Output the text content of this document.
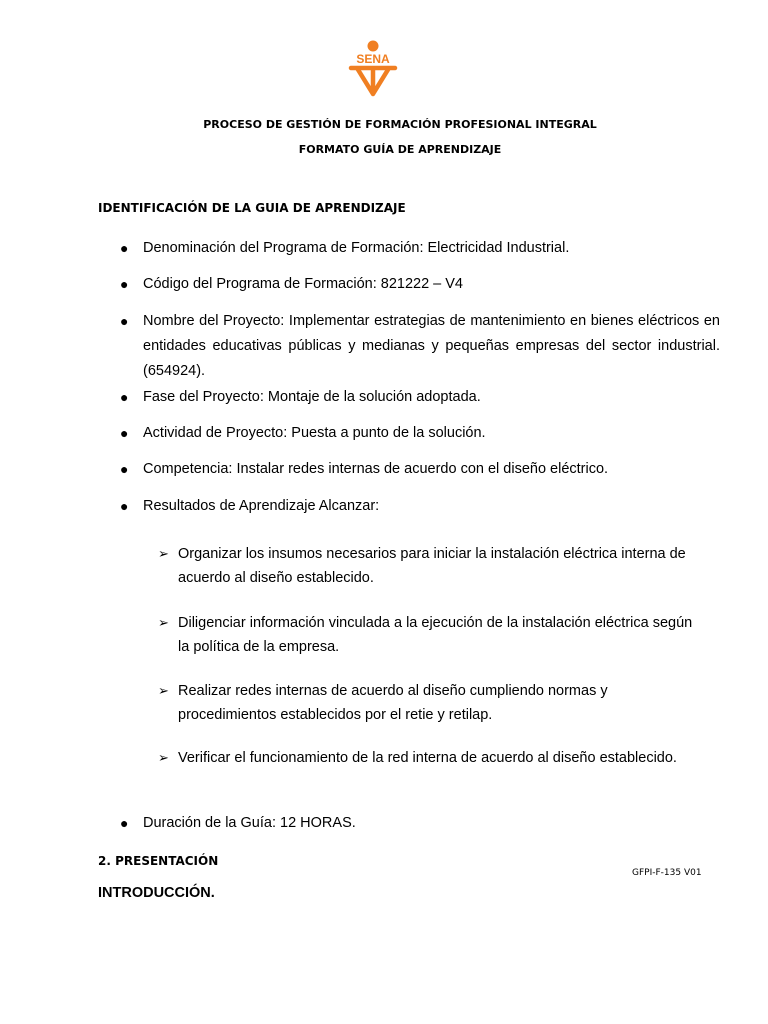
SENA
PROCESO DE GESTIÓN DE FORMACIÓN PROFESIONAL INTEGRAL
FORMATO GUÍA DE APRENDIZAJE
IDENTIFICACIÓN DE LA GUIA DE APRENDIZAJE
● Denominación del Programa de Formación: Electricidad Industrial.
● Código del Programa de Formación: 821222 – V4
● Nombre del Proyecto: Implementar estrategias de mantenimiento en bienes eléctricos en entidades educativas públicas y medianas y pequeñas empresas del sector industrial. (654924).
● Fase del Proyecto: Montaje de la solución adoptada.
● Actividad de Proyecto: Puesta a punto de la solución.
● Competencia: Instalar redes internas de acuerdo con el diseño eléctrico.
● Resultados de Aprendizaje Alcanzar:
➢ Organizar los insumos necesarios para iniciar la instalación eléctrica interna de acuerdo al diseño establecido.
➢ Diligenciar información vinculada a la ejecución de la instalación eléctrica según la política de la empresa.
➢ Realizar redes internas de acuerdo al diseño cumpliendo normas y procedimientos establecidos por el retie y retilap.
➢ Verificar el funcionamiento de la red interna de acuerdo al diseño establecido.
● Duración de la Guía: 12 HORAS.
2. PRESENTACIÓN
GFPI-F-135 V01
INTRODUCCIÓN.
